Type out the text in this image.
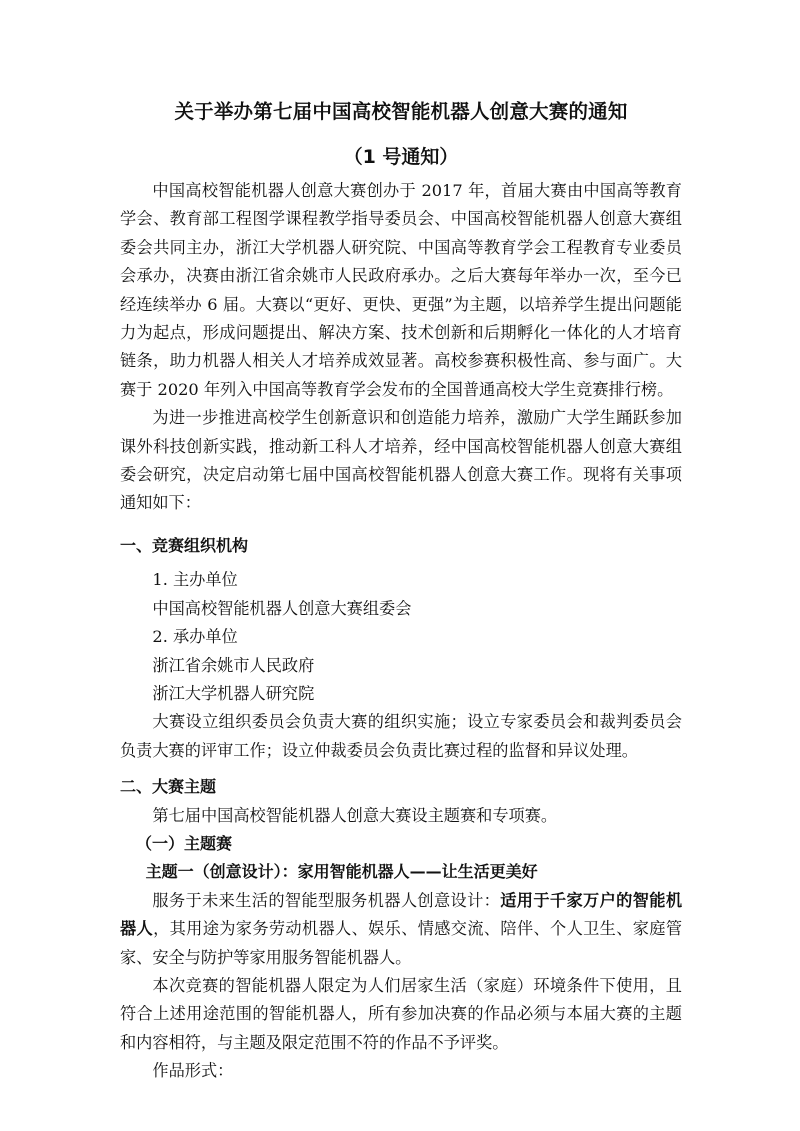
关于举办第七届中国高校智能机器人创意大赛的通知
（1 号通知）

中国高校智能机器人创意大赛创办于 2017 年，首届大赛由中国高等教育学会、教育部工程图学课程教学指导委员会、中国高校智能机器人创意大赛组委会共同主办，浙江大学机器人研究院、中国高等教育学会工程教育专业委员会承办，决赛由浙江省余姚市人民政府承办。之后大赛每年举办一次，至今已经连续举办 6 届。大赛以“更好、更快、更强”为主题，以培养学生提出问题能力为起点，形成问题提出、解决方案、技术创新和后期孵化一体化的人才培育链条，助力机器人相关人才培养成效显著。高校参赛积极性高、参与面广。大赛于 2020 年列入中国高等教育学会发布的全国普通高校大学生竞赛排行榜。

为进一步推进高校学生创新意识和创造能力培养，激励广大学生踊跃参加课外科技创新实践，推动新工科人才培养，经中国高校智能机器人创意大赛组委会研究，决定启动第七届中国高校智能机器人创意大赛工作。现将有关事项通知如下：

一、竞赛组织机构

1. 主办单位

中国高校智能机器人创意大赛组委会

2. 承办单位

浙江省余姚市人民政府

浙江大学机器人研究院

大赛设立组织委员会负责大赛的组织实施；设立专家委员会和裁判委员会负责大赛的评审工作；设立仲裁委员会负责比赛过程的监督和异议处理。

二、大赛主题

第七届中国高校智能机器人创意大赛设主题赛和专项赛。

（一）主题赛
主题一（创意设计）：家用智能机器人——让生活更美好

服务于未来生活的智能型服务机器人创意设计：适用于千家万户的智能机器人，其用途为家务劳动机器人、娱乐、情感交流、陪伴、个人卫生、家庭管家、安全与防护等家用服务智能机器人。

本次竞赛的智能机器人限定为人们居家生活（家庭）环境条件下使用，且符合上述用途范围的智能机器人，所有参加决赛的作品必须与本届大赛的主题和内容相符，与主题及限定范围不符的作品不予评奖。

作品形式：
